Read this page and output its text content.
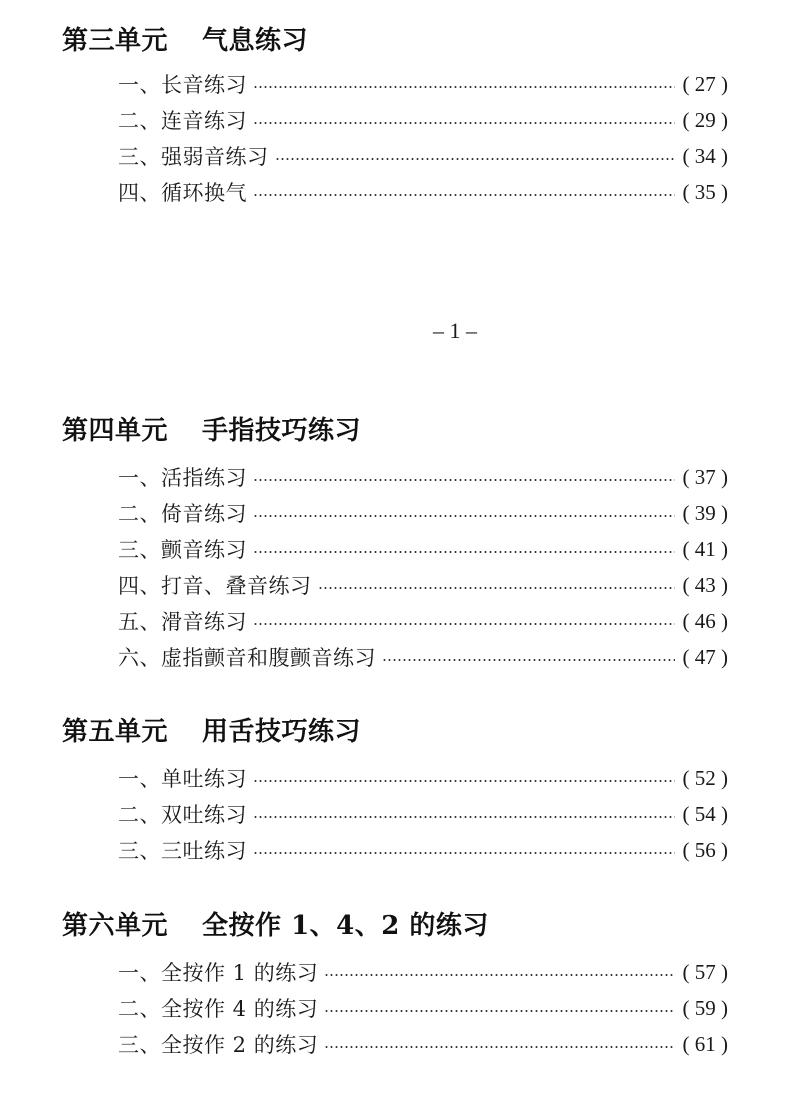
第三单元 气息练习
一、长音练习	( 27 )
二、连音练习	( 29 )
三、强弱音练习	( 34 )
四、循环换气	( 35 )
– 1 –
第四单元 手指技巧练习
一、活指练习	( 37 )
二、倚音练习	( 39 )
三、颤音练习	( 41 )
四、打音、叠音练习	( 43 )
五、滑音练习	( 46 )
六、虚指颤音和腹颤音练习	( 47 )
第五单元 用舌技巧练习
一、单吐练习	( 52 )
二、双吐练习	( 54 )
三、三吐练习	( 56 )
第六单元 全按作 1、4、2 的练习
一、全按作 1 的练习	( 57 )
二、全按作 4 的练习	( 59 )
三、全按作 2 的练习	( 61 )
